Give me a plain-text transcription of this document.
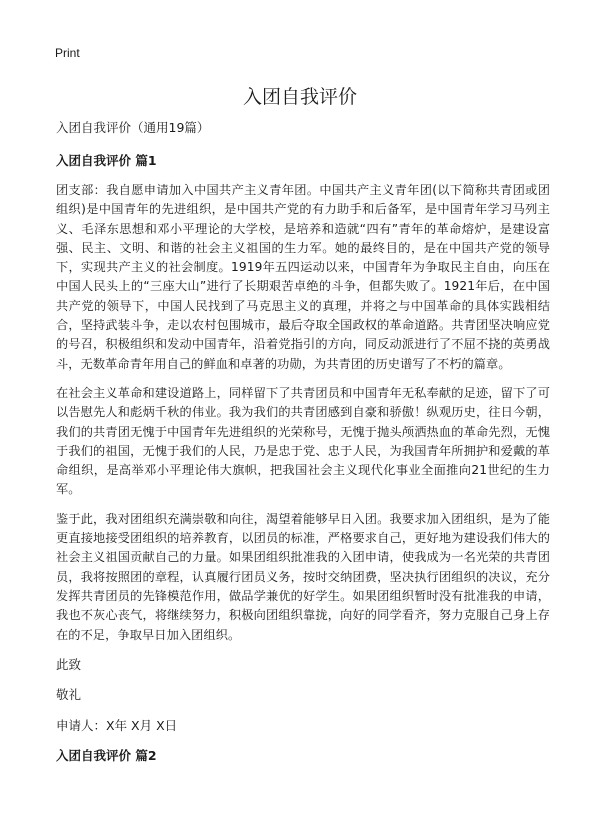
Print
入团自我评价

入团自我评价（通用19篇）

入团自我评价 篇1

团支部：我自愿申请加入中国共产主义青年团。中国共产主义青年团(以下简称共青团或团组织)是中国青年的先进组织，是中国共产党的有力助手和后备军，是中国青年学习马列主义、毛泽东思想和邓小平理论的大学校，是培养和造就“四有”青年的革命熔炉，是建设富强、民主、文明、和谐的社会主义祖国的生力军。她的最终目的，是在中国共产党的领导下，实现共产主义的社会制度。1919年五四运动以来，中国青年为争取民主自由，向压在中国人民头上的“三座大山”进行了长期艰苦卓绝的斗争，但都失败了。1921年后，在中国共产党的领导下，中国人民找到了马克思主义的真理，并将之与中国革命的具体实践相结合，坚持武装斗争，走以农村包围城市，最后夺取全国政权的革命道路。共青团坚决响应党的号召，积极组织和发动中国青年，沿着党指引的方向，同反动派进行了不屈不挠的英勇战斗，无数革命青年用自己的鲜血和卓著的功勋，为共青团的历史谱写了不朽的篇章。

在社会主义革命和建设道路上，同样留下了共青团员和中国青年无私奉献的足迹，留下了可以告慰先人和彪炳千秋的伟业。我为我们的共青团感到自豪和骄傲！纵观历史，往日今朝，我们的共青团无愧于中国青年先进组织的光荣称号，无愧于抛头颅洒热血的革命先烈，无愧于我们的祖国，无愧于我们的人民，乃是忠于党、忠于人民，为我国青年所拥护和爱戴的革命组织，是高举邓小平理论伟大旗帜，把我国社会主义现代化事业全面推向21世纪的生力军。

鉴于此，我对团组织充满崇敬和向往，渴望着能够早日入团。我要求加入团组织，是为了能更直接地接受团组织的培养教育，以团员的标准，严格要求自己，更好地为建设我们伟大的社会主义祖国贡献自己的力量。如果团组织批准我的入团申请，使我成为一名光荣的共青团员，我将按照团的章程，认真履行团员义务，按时交纳团费，坚决执行团组织的决议，充分发挥共青团员的先锋模范作用，做品学兼优的好学生。如果团组织暂时没有批准我的申请，我也不灰心丧气，将继续努力，积极向团组织靠拢，向好的同学看齐，努力克服自己身上存在的不足，争取早日加入团组织。

此致

敬礼

申请人：X年 X月 X日

入团自我评价 篇2
